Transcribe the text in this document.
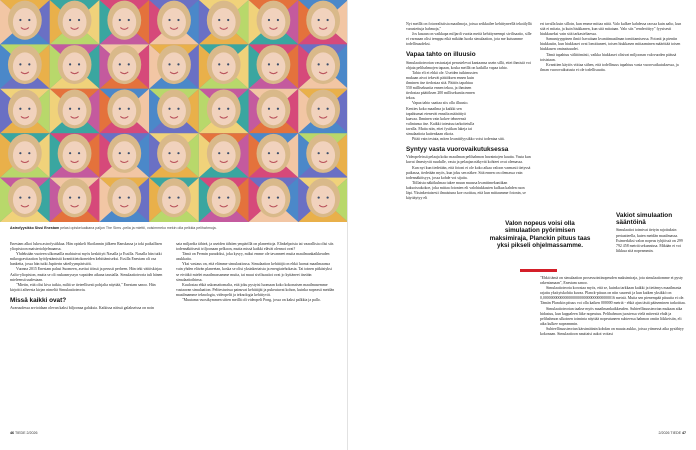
Astrofyysikko Sissi Enestam pelasi opiskeluaikana paljon The Sims -pelia ja miettii, voisimmeko mekin olla pelkkia pelihahmoja.

Enestam alkoi lukea astrofysiikkaa. Hän opiskeli Skotlannin jälkeen Ranskassa ja toki paikallisen yliopistoon maisteriohjelmaansa.

Yhdeksään vuoteen ulkomailla mahtuivat myös keskittyit Nasalla ja Essilla. Nasalla hän tutki mikrogravitaation hyödyntämistä kvanttitietokoneiden kehittämiseksi. Essilla Enestam oli osa hanketta, jossa hän tutki Jupiterin säteilyympäristöä.

Vuonna 2015 Enestam palasi Suomeen, asettui töissä ja perusti perheen. Hän teki väitöskirjaa Aalto-yliopiston, mutta se oli raskasmyssyn vapaiden aikana taustalla. Simulaatioteoria tuli hänen mieleensä uudestaan.

"Mietin, että olisi kiva tutkia, miltä se tieteellisesti pohjalta näyttää," Enestam sanoo. Hän kirjoitti aiheesta kirjan nimeltä Simulaatioteoria.

Missä kaikki ovat?

Avaruudessa arvioidaan olevan kaksi biljoonaa galaksia. Kaikissa näissä galakseissa on noin

sata miljardia tähteä, ja useiden tähtien ympärillä on planeettoja. Elinkelpoisia tai vaarallisia olisi siis todennäköisesti triljoonaan pelkoon, mutta missä kaikki elävät olennot ovat?

Tämä on Fermin paradoksi, joka kysyy, miksi emme ole tavanneet muita maailmankaikkeuden asukkaita.

Yksi vastaus on, että elämme simulaatiossa. Simulaation kehittäjä on ehkä luonut maailmaansa vain yhden elävän planeetan, koska se olisi yksinkertaista ja energiatehokasta. Tai toinen pitkästyksi se eivätkö mielet maailmassamme muita, tai muut sivilisaatiot ovat jo kyttäneet itseään simulaatioihinsa.

Kuulostaa ehkä uskomattomalta, että joku pystyisi luomaan koko kokonaisen maailmasemme vastaavan simulaation. Pelitestarissa painuvat kehittäjät ja pukeutuvat kohon, kuinka nopeasti meidän maailmamme teknologia, videopelit ja teknologia kehittyvät.

"Muutama vuosikymmen sitten meillä oli videopeli Pong, jossa on kaksi palkkia ja pallo.

46 TIEDE 2/2026

Nyt meillä on fotorealistisia maailmoja, joissa seikkailee kehittyneellä tekoälyllä varustettuja hahmoja,"

Jos kasaan on vaikkapa miljardi vuotta meitä kehittyneempi sivilisaatio, sille ei varmaan olisi temppu eikä mikään luoda simulaation, jota me kutsumme todellisuudeksi.

Vapaa tahto on illuusio

Simulaatioteorian vastustajat perustelevat kantaansa usein sillä, ettei ihmisiä voi ohjata pelihahmojen tapaan, koska meillä on kaikilla vapaa tahto.

Tahto eli ei ehkä ole. Useiden tutkimusten mukaan aivot tekevät päätöksen ennen kuin ihminen itse tiedostaa sitä. Päätös tapahtuu 550 millisekuntia ennen tekoa, ja ihminen tiedostaa päätöksen 200 millisekuntia ennen tekoa.

Vapaa tahto saattaa siis olla illuusio. Kenties koko maailma ja kaikki sen tapahtumat etenevät ennalta määrättyä kaavaa. Ihminen vain kokee tehneensä valintansa itse. Kaikki toteutuu tarkoitetulla tavalla. Mutta niin, ettei fysiikan lakeja tai simulaatiota kuitenkaan rikota.

Pitää vain testata, miten kvanttifyysikko voisi todentaa sitä.

Syntyy vasta vuorovaikutuksessa

Videopeleissä pelaaja koko maailman pelihahmon havaintojen kautta. Vasta kun kuvat ilmestyvät ruudulle, vasta ja pelaajan näkyvät kohteet ovat olemassa.

Kun nyt kun tiedetään, että fotoni ei ole koko aikaa valoon varmasti tietyssä paikassa, tiedetään myös, kun joku sen näkee. Sitä ennen on olemassa vain todennäköisyys, jossa kohde voi sijaita.

Tiillaista näkökulmaa tukee muun muassa kvanttimekaniikan kaksoisrakokoe, joka mittaa fotonien eli valohiukkasten kulkua kahden raon läpi. Yksinkertaisesti ilmaistuna koe osoittaa, että kun mittaamme fotonin, se käyttäytyy eli

eri tavalla kuin silloin, kun emme mittaa niitä. Valo kulkee kahdessa raossa kuin aalto, kun sitä ei mitata, ja kuin hiukkanen, kun sitä mitataan. Valo siis "renderöityy" fyysisesti hiukkaseksi vain sitä tarkasteltaessa.

Samantyyppinen ilmiö havaitaan kvanttimaailman tomittamisessa. Fotonit ja pieniin hiukkasiin, kun hiukkaset ovat lomittuneet, toisen hiukkasen mittaaminen määrittää toisen hiukkasen ominaisuudet.

Tämä tapahtuu välittömästi, vaikka hiukkaset olisivat miljoonan valovuoden päässä toisistaan.

Kvanttien käytös viittaa siihen, että todellisuus tapahtuu vasta vuorovaikutuksessa, ja ilman vuorovaikutusta ei ole todellisuutta.

Vakiot simulaation sääntöinä

Simulaatiot toimivat tietyin rajoituksin periaatteella, kuten meidän maailmassa. Esimerkiksi valon nopeus tyhjiössä on 299 792 458 metriä sekunnissa. Mikään ei voi liikkua sitä nopeammin.

"Ehkä tämä on simulaation prosessointinopeuden maksimiraja, jota simulaatiomme ei pysty rakentamaan", Enestam sanoo.

Simulaatioteoria korostaa myös, että se, kuinka tarkkaan kaikki ja tietämys maailmasta rajattu yksityiskohtia kuvaa. Planck-pituus on niin suuresti ja kun kaiken yksikkö on 0,0000000000000000000000000000000000016 metriä. Mutta sen pienempää pituutta ei ole. Tämän Planckin pituus voi olla kaiken 000000 metriä - ehkä ajan tästä pääseminen tarkoittaa.

Simulaatioteorian taakse myös maailmankaikkeuden. Suhteellisuusteorian mukaan aika hidastuu, kun kappaleen liike nopeutuu. Pelihahmon juostessa vielä miteestä ehdä ja pelihahmon ulkoinen toiminta näyttää nopeutuneen suhteessa hahmon omiin liikkeisiin, eli aika kulkee nopeammin.

Suhteellisuusteorian kärsimäänin kohdan on muuta aukko, joissa ytimessä aika pysähtyy kokonaan. Simulaatioon nauttaisi aukot voitasi

2/2026 TIEDE 47
Valon nopeus voisi olla simulaation pyörimisen maksimiraja, Planckin pituus taas yksi pikseli ohjelmassamme.
